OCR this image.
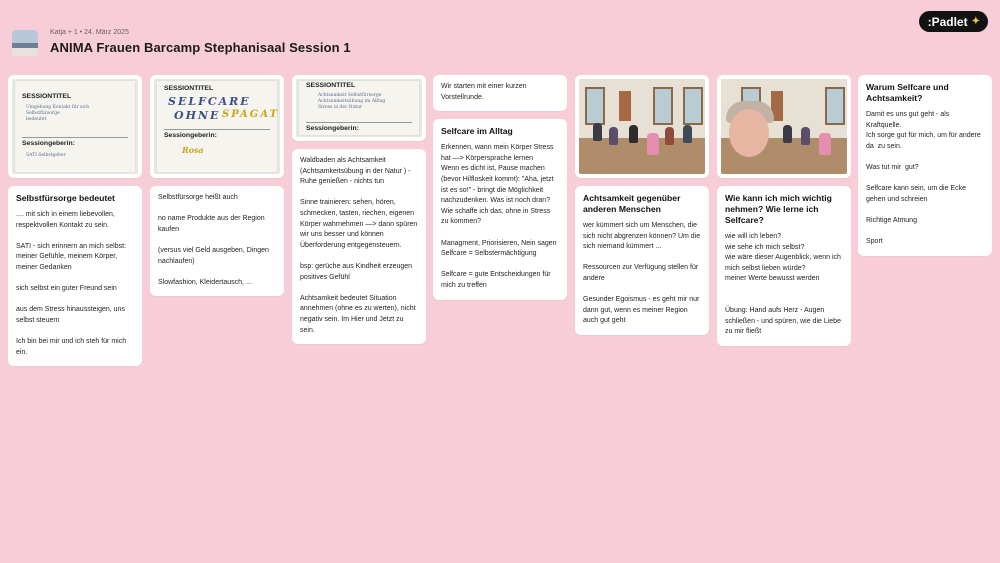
Katja + 1 • 24. März 2025
ANIMA Frauen Barcamp Stephanisaal Session 1
:Padlet ✦
SESSIONTITEL
Umgebung Kontakt für sich
Selbstfürsorge
bedeutet
Sessiongeberin:
SATI Selbstgeber
Selbstfürsorge bedeutet
.... mit sich in einem liebevollen, respektvollen Kontakt zu sein.

SATI - sich erinnern an mich selbst:
meiner Gefühle, meinem Körper, meiner Gedanken

sich selbst ein guter Freund sein

aus dem Stress hinaussteigen, uns selbst steuern

Ich bin bei mir und ich steh für mich ein.
SESSIONTITEL
SELFCARE
OHNE SPAGAT
Sessiongeberin:
Rosa
Selbstfürsorge heißt auch

no name Produkte aus der Region kaufen

(versus viel Geld ausgeben, Dingen nachlaufen)

Slowfashion, Kleidertausch, ...
SESSIONTITEL
Achtsamkeit Selbstfürsorge
Achtsamkeitsübung im Alltag
Stress in der Natur
Sessiongeberin:
Waldbaden als Achtsamkeit (Achtsamkeitsübung in der Natur ) - Ruhe genießen - nichts tun

Sinne trainieren: sehen, hören, schmecken, tasten, riechen, eigenen Körper wahrnehmen —> dann spüren wir uns besser und können Überforderung entgegensteuern.

bsp: gerüche aus Kindheit erzeugen positives Gefühl

Achtsamkeit bedeutet Situation annehmen (ohne es zu werten), nicht negativ sein. Im Hier und Jetzt zu sein.
Wir starten mit einer kurzen Vorstellrunde.
Selfcare im Alltag
Erkennen, wann mein Körper Stress hat —> Körpersprache lernen
Wenn es dicht ist, Pause machen (bevor Hilfloskeit kommt): "Aha, jetzt ist es so!" - bringt die Möglichkeit nachzudenken. Was ist noch dran? Wie schaffe ich das, ohne in Stress zu kommen?

Managment, Priorisieren, Nein sagen
Selfcare = Selbstermächtigung

Selfcare = gute Entscheidungen für mich zu treffen
Achtsamkeit gegenüber anderen Menschen
wer kümmert sich um Menschen, die sich nicht abgrenzen können? Um die sich niemand kümmert ...

Ressourcen zur Verfügung stellen für andere

Gesunder Egoismus - es geht mir nur dann gut, wenn es meiner Region auch gut geht
Wie kann ich mich wichtig nehmen? Wie lerne ich Selfcare?
wie will ich leben?
wie sehe ich mich selbst?
wie wäre dieser Augenblick, wenn ich mich selbst lieben würde?
meiner Werte bewusst werden

Übung: Hand aufs Herz - Augen schließen - und spüren, wie die Liebe zu mir fließt
Warum Selfcare und Achtsamkeit?
Damit es uns gut geht - als Kraftquelle.
Ich sorge gut für mich, um für andere da  zu sein.

Was tut mir  gut?

Selfcare kann sein, um die Ecke gehen und schreien

Richtige Atmung

Sport
